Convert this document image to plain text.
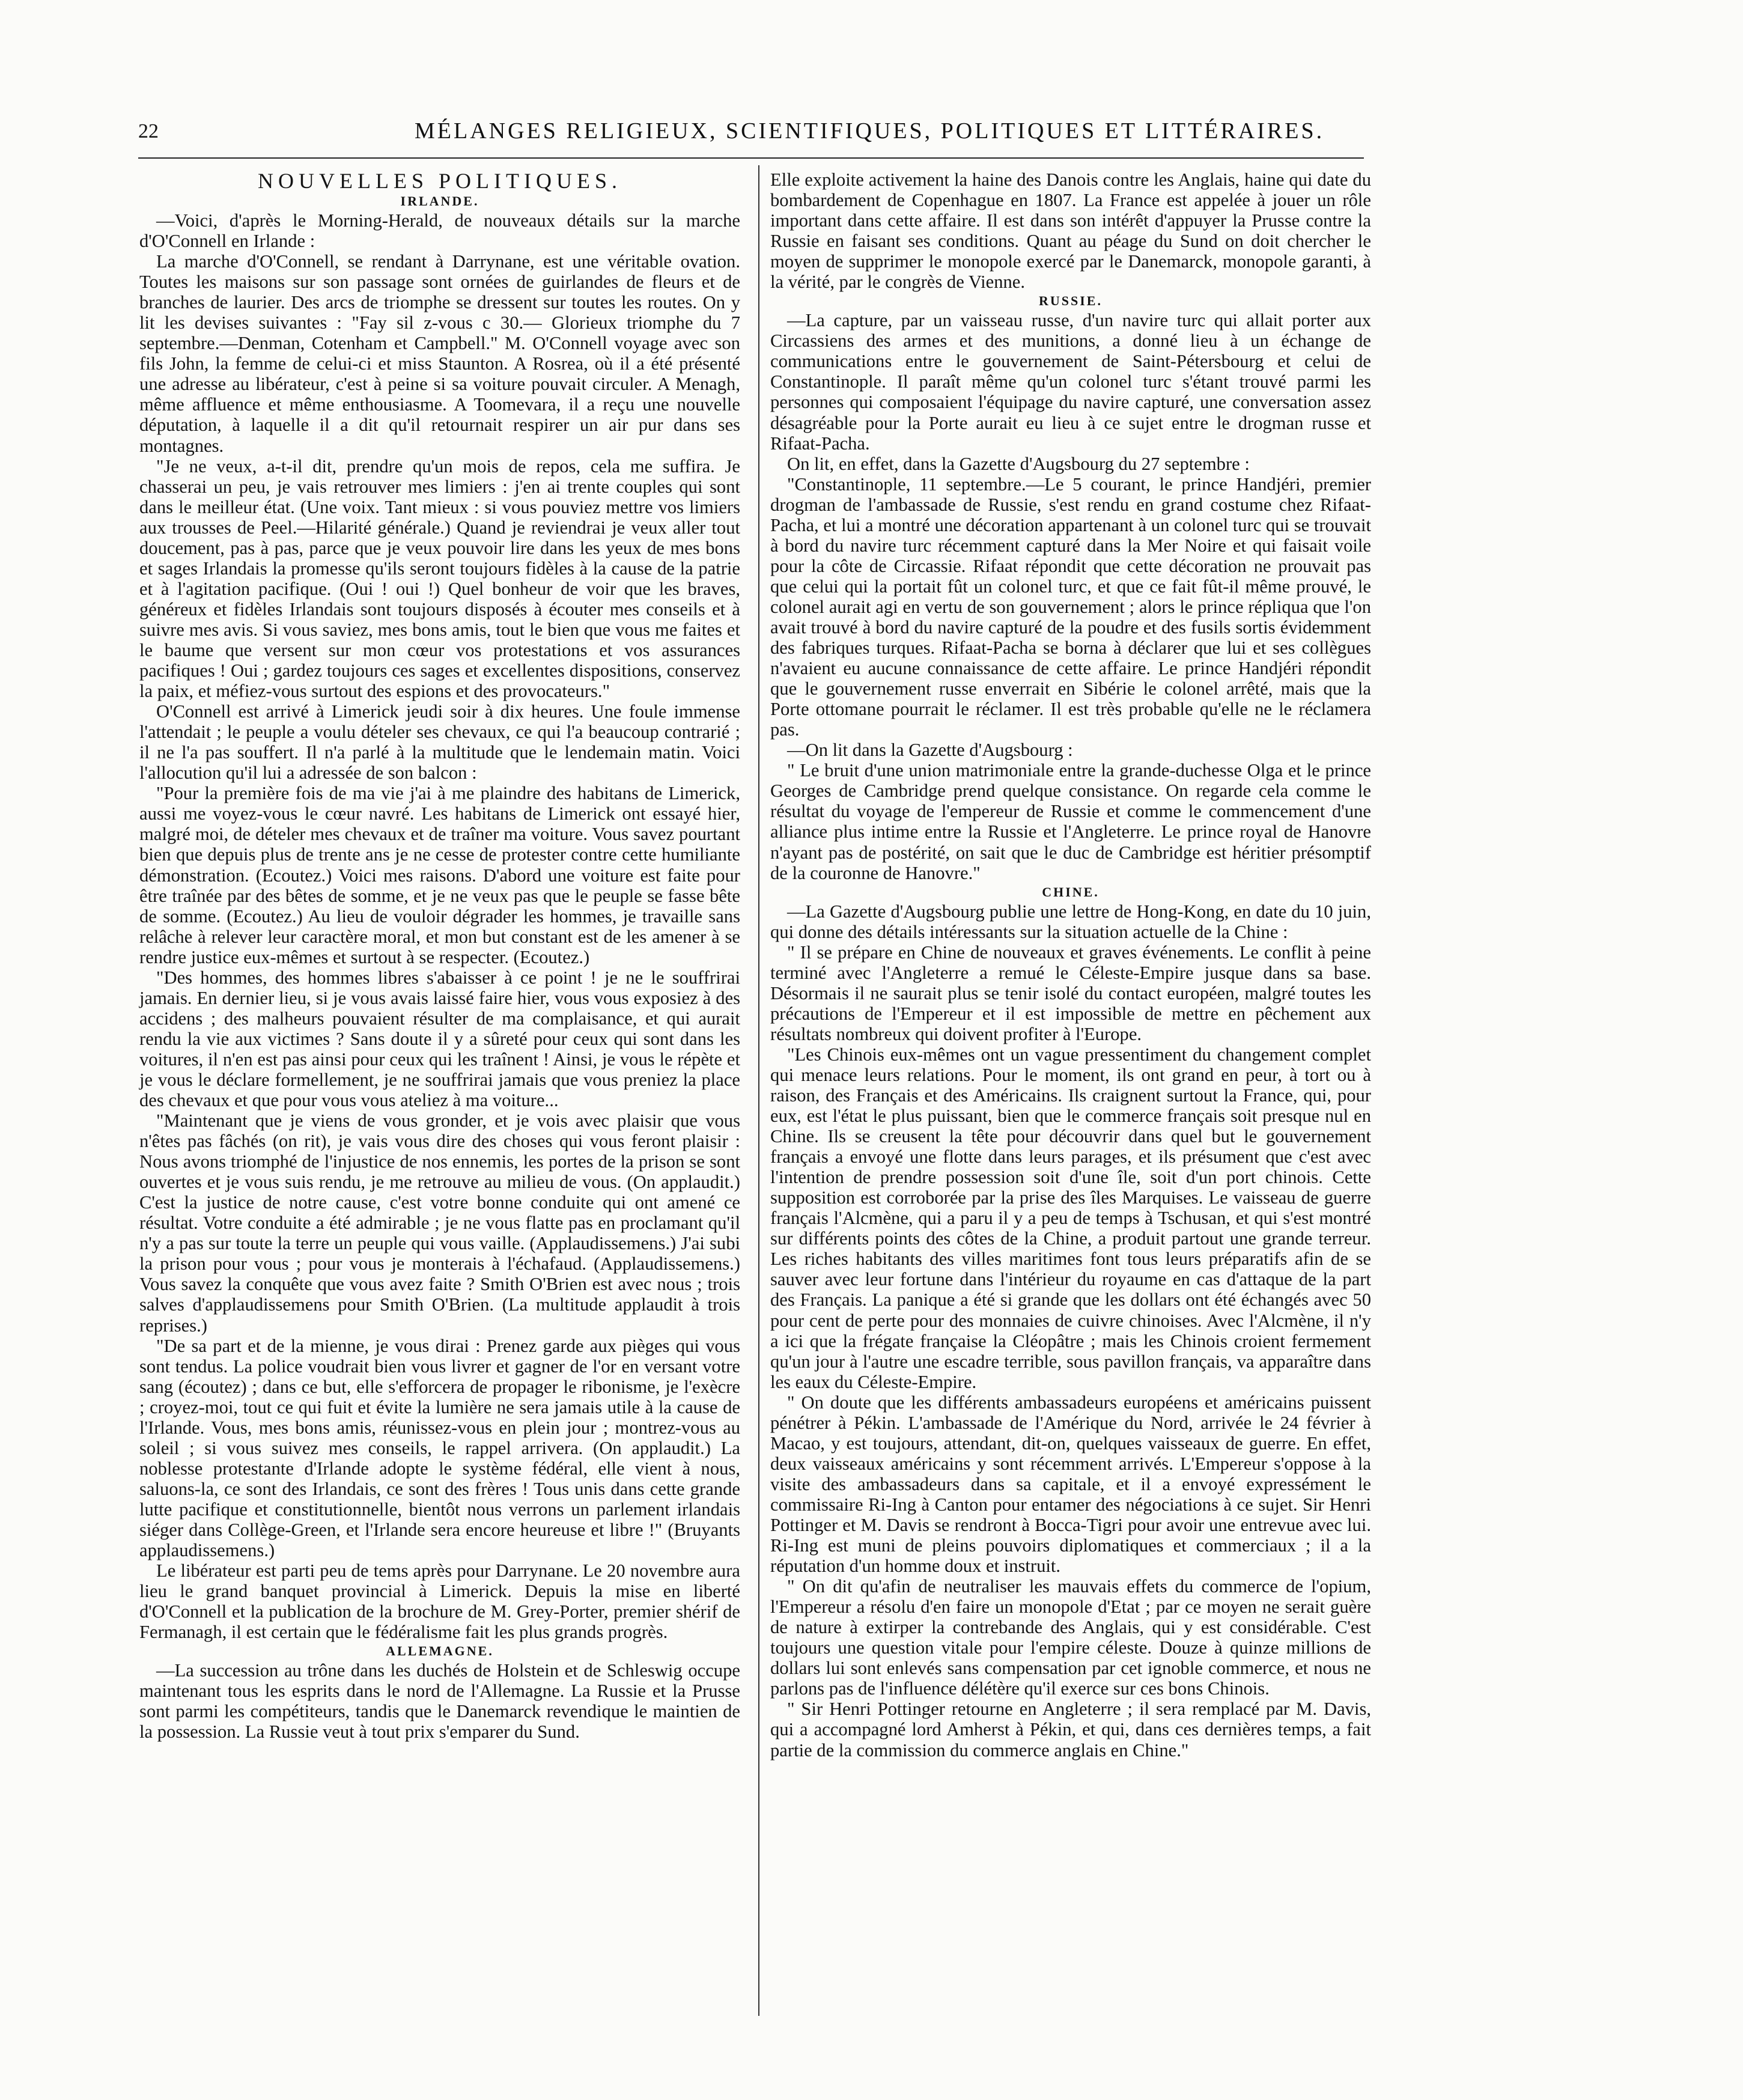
22	MÉLANGES RELIGIEUX, SCIENTIFIQUES, POLITIQUES ET LITTÉRAIRES.
NOUVELLES POLITIQUES.
IRLANDE.

—Voici, d'après le Morning-Herald, de nouveaux détails sur la marche d'O'Connell en Irlande :

La marche d'O'Connell, se rendant à Darrynane, est une véritable ovation. Toutes les maisons sur son passage sont ornées de guirlandes de fleurs et de branches de laurier. Des arcs de triomphe se dressent sur toutes les routes. On y lit les devises suivantes : "Fay sil z-vous c 30.— Glorieux triomphe du 7 septembre.—Denman, Cotenham et Campbell." M. O'Connell voyage avec son fils John, la femme de celui-ci et miss Staunton. A Rosrea, où il a été présenté une adresse au libérateur, c'est à peine si sa voiture pouvait circuler. A Menagh, même affluence et même enthousiasme. A Toomevara, il a reçu une nouvelle députation, à laquelle il a dit qu'il retournait respirer un air pur dans ses montagnes.

"Je ne veux, a-t-il dit, prendre qu'un mois de repos, cela me suffira. Je chasserai un peu, je vais retrouver mes limiers : j'en ai trente couples qui sont dans le meilleur état. (Une voix. Tant mieux : si vous pouviez mettre vos limiers aux trousses de Peel.—Hilarité générale.) Quand je reviendrai je veux aller tout doucement, pas à pas, parce que je veux pouvoir lire dans les yeux de mes bons et sages Irlandais la promesse qu'ils seront toujours fidèles à la cause de la patrie et à l'agitation pacifique. (Oui ! oui !) Quel bonheur de voir que les braves, généreux et fidèles Irlandais sont toujours disposés à écouter mes conseils et à suivre mes avis. Si vous saviez, mes bons amis, tout le bien que vous me faites et le baume que versent sur mon cœur vos protestations et vos assurances pacifiques ! Oui ; gardez toujours ces sages et excellentes dispositions, conservez la paix, et méfiez-vous surtout des espions et des provocateurs."

O'Connell est arrivé à Limerick jeudi soir à dix heures. Une foule immense l'attendait ; le peuple a voulu dételer ses chevaux, ce qui l'a beaucoup contrarié ; il ne l'a pas souffert. Il n'a parlé à la multitude que le lendemain matin. Voici l'allocution qu'il lui a adressée de son balcon :

"Pour la première fois de ma vie j'ai à me plaindre des habitans de Limerick, aussi me voyez-vous le cœur navré. Les habitans de Limerick ont essayé hier, malgré moi, de dételer mes chevaux et de traîner ma voiture. Vous savez pourtant bien que depuis plus de trente ans je ne cesse de protester contre cette humiliante démonstration. (Ecoutez.) Voici mes raisons. D'abord une voiture est faite pour être traînée par des bêtes de somme, et je ne veux pas que le peuple se fasse bête de somme. (Ecoutez.) Au lieu de vouloir dégrader les hommes, je travaille sans relâche à relever leur caractère moral, et mon but constant est de les amener à se rendre justice eux-mêmes et surtout à se respecter. (Ecoutez.)

"Des hommes, des hommes libres s'abaisser à ce point ! je ne le souffrirai jamais. En dernier lieu, si je vous avais laissé faire hier, vous vous exposiez à des accidens ; des malheurs pouvaient résulter de ma complaisance, et qui aurait rendu la vie aux victimes ? Sans doute il y a sûreté pour ceux qui sont dans les voitures, il n'en est pas ainsi pour ceux qui les traînent ! Ainsi, je vous le répète et je vous le déclare formellement, je ne souffrirai jamais que vous preniez la place des chevaux et que pour vous vous ateliez à ma voiture...

"Maintenant que je viens de vous gronder, et je vois avec plaisir que vous n'êtes pas fâchés (on rit), je vais vous dire des choses qui vous feront plaisir : Nous avons triomphé de l'injustice de nos ennemis, les portes de la prison se sont ouvertes et je vous suis rendu, je me retrouve au milieu de vous. (On applaudit.) C'est la justice de notre cause, c'est votre bonne conduite qui ont amené ce résultat. Votre conduite a été admirable ; je ne vous flatte pas en proclamant qu'il n'y a pas sur toute la terre un peuple qui vous vaille. (Applaudissemens.) J'ai subi la prison pour vous ; pour vous je monterais à l'échafaud. (Applaudissemens.) Vous savez la conquête que vous avez faite ? Smith O'Brien est avec nous ; trois salves d'applaudissemens pour Smith O'Brien. (La multitude applaudit à trois reprises.)

"De sa part et de la mienne, je vous dirai : Prenez garde aux pièges qui vous sont tendus. La police voudrait bien vous livrer et gagner de l'or en versant votre sang (écoutez) ; dans ce but, elle s'efforcera de propager le ribonisme, je l'exècre ; croyez-moi, tout ce qui fuit et évite la lumière ne sera jamais utile à la cause de l'Irlande. Vous, mes bons amis, réunissez-vous en plein jour ; montrez-vous au soleil ; si vous suivez mes conseils, le rappel arrivera. (On applaudit.) La noblesse protestante d'Irlande adopte le système fédéral, elle vient à nous, saluons-la, ce sont des Irlandais, ce sont des frères ! Tous unis dans cette grande lutte pacifique et constitutionnelle, bientôt nous verrons un parlement irlandais siéger dans Collège-Green, et l'Irlande sera encore heureuse et libre !" (Bruyants applaudissemens.)

Le libérateur est parti peu de tems après pour Darrynane. Le 20 novembre aura lieu le grand banquet provincial à Limerick. Depuis la mise en liberté d'O'Connell et la publication de la brochure de M. Grey-Porter, premier shérif de Fermanagh, il est certain que le fédéralisme fait les plus grands progrès.

ALLEMAGNE.

—La succession au trône dans les duchés de Holstein et de Schleswig occupe maintenant tous les esprits dans le nord de l'Allemagne. La Russie et la Prusse sont parmi les compétiteurs, tandis que le Danemarck revendique le maintien de la possession. La Russie veut à tout prix s'emparer du Sund.

Elle exploite activement la haine des Danois contre les Anglais, haine qui date du bombardement de Copenhague en 1807. La France est appelée à jouer un rôle important dans cette affaire. Il est dans son intérêt d'appuyer la Prusse contre la Russie en faisant ses conditions. Quant au péage du Sund on doit chercher le moyen de supprimer le monopole exercé par le Danemarck, monopole garanti, à la vérité, par le congrès de Vienne.

RUSSIE.

—La capture, par un vaisseau russe, d'un navire turc qui allait porter aux Circassiens des armes et des munitions, a donné lieu à un échange de communications entre le gouvernement de Saint-Pétersbourg et celui de Constantinople. Il paraît même qu'un colonel turc s'étant trouvé parmi les personnes qui composaient l'équipage du navire capturé, une conversation assez désagréable pour la Porte aurait eu lieu à ce sujet entre le drogman russe et Rifaat-Pacha.

On lit, en effet, dans la Gazette d'Augsbourg du 27 septembre :

"Constantinople, 11 septembre.—Le 5 courant, le prince Handjéri, premier drogman de l'ambassade de Russie, s'est rendu en grand costume chez Rifaat-Pacha, et lui a montré une décoration appartenant à un colonel turc qui se trouvait à bord du navire turc récemment capturé dans la Mer Noire et qui faisait voile pour la côte de Circassie. Rifaat répondit que cette décoration ne prouvait pas que celui qui la portait fût un colonel turc, et que ce fait fût-il même prouvé, le colonel aurait agi en vertu de son gouvernement ; alors le prince répliqua que l'on avait trouvé à bord du navire capturé de la poudre et des fusils sortis évidemment des fabriques turques. Rifaat-Pacha se borna à déclarer que lui et ses collègues n'avaient eu aucune connaissance de cette affaire. Le prince Handjéri répondit que le gouvernement russe enverrait en Sibérie le colonel arrêté, mais que la Porte ottomane pourrait le réclamer. Il est très probable qu'elle ne le réclamera pas.

—On lit dans la Gazette d'Augsbourg :

" Le bruit d'une union matrimoniale entre la grande-duchesse Olga et le prince Georges de Cambridge prend quelque consistance. On regarde cela comme le résultat du voyage de l'empereur de Russie et comme le commencement d'une alliance plus intime entre la Russie et l'Angleterre. Le prince royal de Hanovre n'ayant pas de postérité, on sait que le duc de Cambridge est héritier présomptif de la couronne de Hanovre."

CHINE.

—La Gazette d'Augsbourg publie une lettre de Hong-Kong, en date du 10 juin, qui donne des détails intéressants sur la situation actuelle de la Chine :

" Il se prépare en Chine de nouveaux et graves événements. Le conflit à peine terminé avec l'Angleterre a remué le Céleste-Empire jusque dans sa base. Désormais il ne saurait plus se tenir isolé du contact européen, malgré toutes les précautions de l'Empereur et il est impossible de mettre en pêchement aux résultats nombreux qui doivent profiter à l'Europe.

"Les Chinois eux-mêmes ont un vague pressentiment du changement complet qui menace leurs relations. Pour le moment, ils ont grand en peur, à tort ou à raison, des Français et des Américains. Ils craignent surtout la France, qui, pour eux, est l'état le plus puissant, bien que le commerce français soit presque nul en Chine. Ils se creusent la tête pour découvrir dans quel but le gouvernement français a envoyé une flotte dans leurs parages, et ils présument que c'est avec l'intention de prendre possession soit d'une île, soit d'un port chinois. Cette supposition est corroborée par la prise des îles Marquises. Le vaisseau de guerre français l'Alcmène, qui a paru il y a peu de temps à Tschusan, et qui s'est montré sur différents points des côtes de la Chine, a produit partout une grande terreur. Les riches habitants des villes maritimes font tous leurs préparatifs afin de se sauver avec leur fortune dans l'intérieur du royaume en cas d'attaque de la part des Français. La panique a été si grande que les dollars ont été échangés avec 50 pour cent de perte pour des monnaies de cuivre chinoises. Avec l'Alcmène, il n'y a ici que la frégate française la Cléopâtre ; mais les Chinois croient fermement qu'un jour à l'autre une escadre terrible, sous pavillon français, va apparaître dans les eaux du Céleste-Empire.

" On doute que les différents ambassadeurs européens et américains puissent pénétrer à Pékin. L'ambassade de l'Amérique du Nord, arrivée le 24 février à Macao, y est toujours, attendant, dit-on, quelques vaisseaux de guerre. En effet, deux vaisseaux américains y sont récemment arrivés. L'Empereur s'oppose à la visite des ambassadeurs dans sa capitale, et il a envoyé expressément le commissaire Ri-Ing à Canton pour entamer des négociations à ce sujet. Sir Henri Pottinger et M. Davis se rendront à Bocca-Tigri pour avoir une entrevue avec lui. Ri-Ing est muni de pleins pouvoirs diplomatiques et commerciaux ; il a la réputation d'un homme doux et instruit.

" On dit qu'afin de neutraliser les mauvais effets du commerce de l'opium, l'Empereur a résolu d'en faire un monopole d'Etat ; par ce moyen ne serait guère de nature à extirper la contrebande des Anglais, qui y est considérable. C'est toujours une question vitale pour l'empire céleste. Douze à quinze millions de dollars lui sont enlevés sans compensation par cet ignoble commerce, et nous ne parlons pas de l'influence délétère qu'il exerce sur ces bons Chinois.

" Sir Henri Pottinger retourne en Angleterre ; il sera remplacé par M. Davis, qui a accompagné lord Amherst à Pékin, et qui, dans ces dernières temps, a fait partie de la commission du commerce anglais en Chine."
